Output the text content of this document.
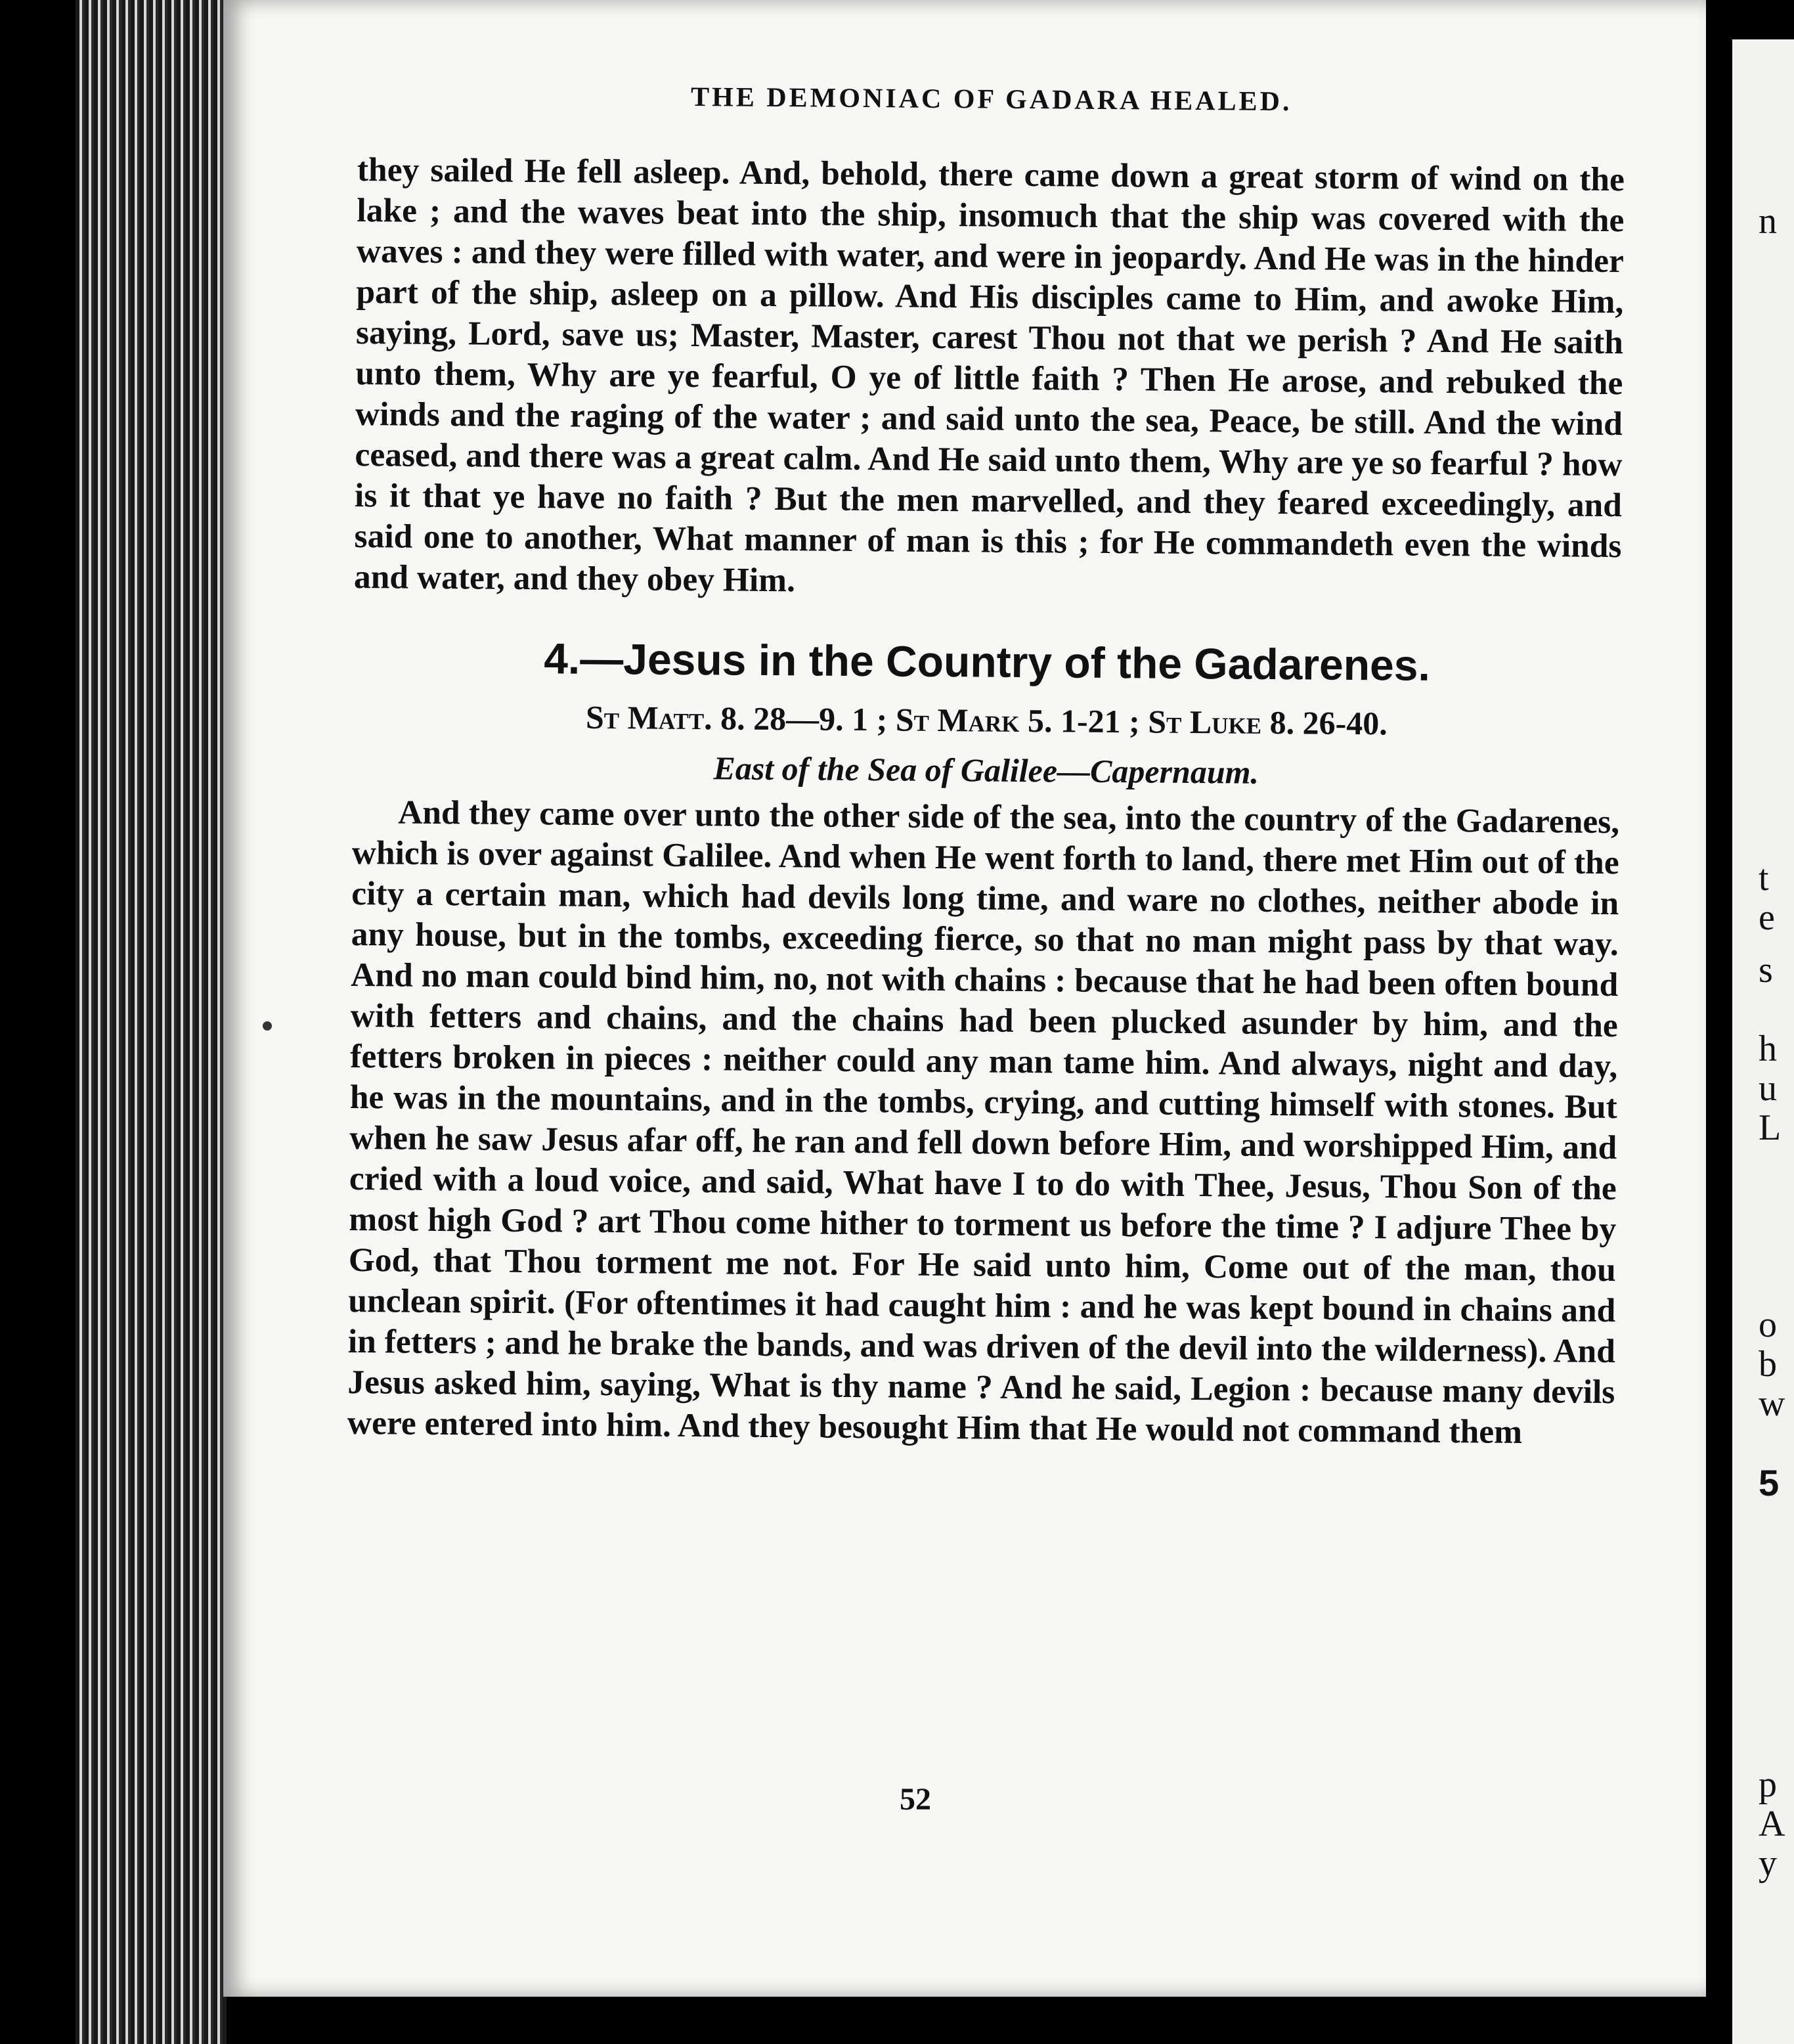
n
t
e
s
h
u
L
b
o
w
5
p
A
y
THE DEMONIAC OF GADARA HEALED.

they sailed He fell asleep. And, behold, there came down a great storm of wind on the lake ; and the waves beat into the ship, insomuch that the ship was covered with the waves : and they were filled with water, and were in jeopardy. And He was in the hinder part of the ship, asleep on a pillow. And His disciples came to Him, and awoke Him, saying, Lord, save us; Master, Master, carest Thou not that we perish ? And He saith unto them, Why are ye fearful, O ye of little faith ? Then He arose, and rebuked the winds and the raging of the water ; and said unto the sea, Peace, be still. And the wind ceased, and there was a great calm. And He said unto them, Why are ye so fearful ? how is it that ye have no faith ? But the men marvelled, and they feared exceedingly, and said one to another, What manner of man is this ; for He commandeth even the winds and water, and they obey Him.

4.—Jesus in the Country of the Gadarenes.
St Matt. 8. 28—9. 1 ; St Mark 5. 1-21 ; St Luke 8. 26-40.
East of the Sea of Galilee—Capernaum.

And they came over unto the other side of the sea, into the country of the Gadarenes, which is over against Galilee. And when He went forth to land, there met Him out of the city a certain man, which had devils long time, and ware no clothes, neither abode in any house, but in the tombs, exceeding fierce, so that no man might pass by that way. And no man could bind him, no, not with chains : because that he had been often bound with fetters and chains, and the chains had been plucked asunder by him, and the fetters broken in pieces : neither could any man tame him. And always, night and day, he was in the mountains, and in the tombs, crying, and cutting himself with stones. But when he saw Jesus afar off, he ran and fell down before Him, and worshipped Him, and cried with a loud voice, and said, What have I to do with Thee, Jesus, Thou Son of the most high God ? art Thou come hither to torment us before the time ? I adjure Thee by God, that Thou torment me not. For He said unto him, Come out of the man, thou unclean spirit. (For oftentimes it had caught him : and he was kept bound in chains and in fetters ; and he brake the bands, and was driven of the devil into the wilderness). And Jesus asked him, saying, What is thy name ? And he said, Legion : because many devils were entered into him. And they besought Him that He would not command them

52
